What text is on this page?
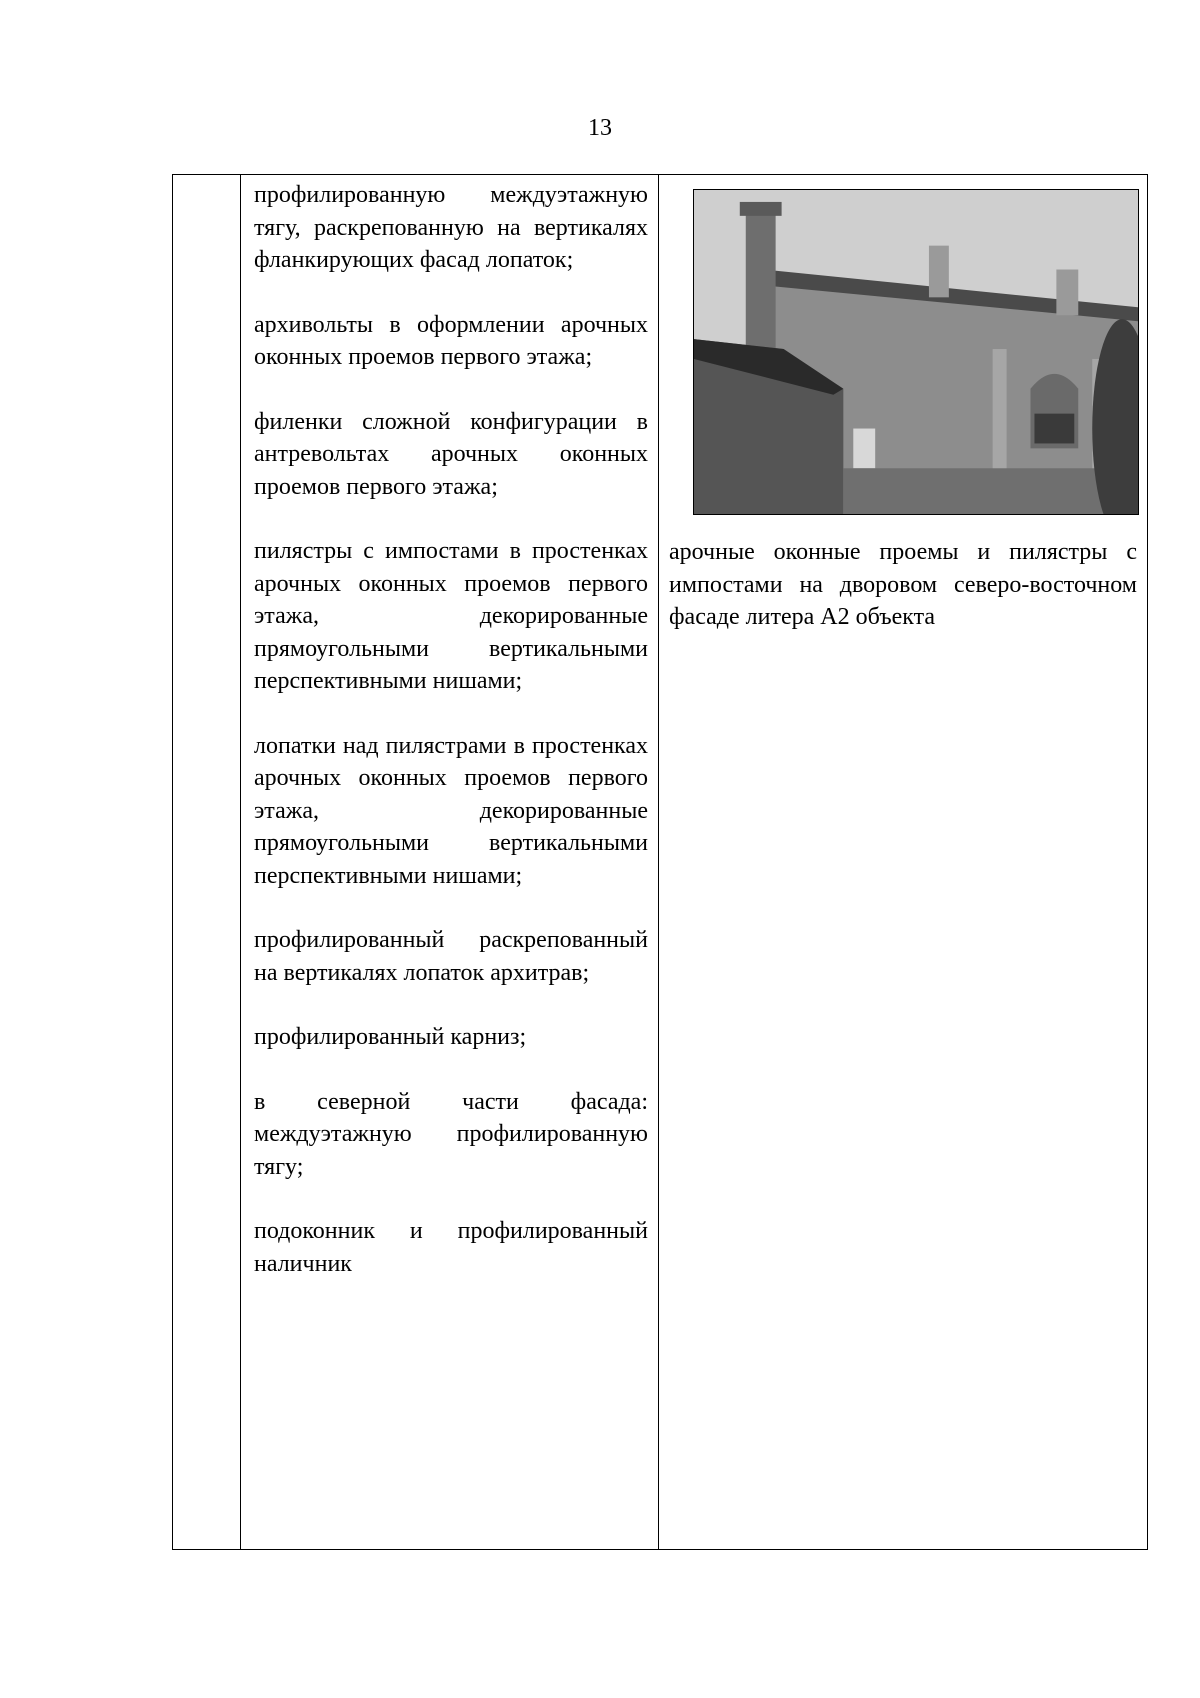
13

профилированную междуэтажную тягу, раскрепованную на вертикалях фланкирующих фасад лопаток;

архивольты в оформлении арочных оконных проемов первого этажа;

филенки сложной конфигурации в антревольтах арочных оконных проемов первого этажа;

пилястры с импостами в простенках арочных оконных проемов первого этажа, декорированные прямоугольными вертикальными перспективными нишами;

лопатки над пилястрами в простенках арочных оконных проемов первого этажа, декорированные прямоугольными вертикальными перспективными нишами;

профилированный раскрепованный на вертикалях лопаток архитрав;

профилированный карниз;

в северной части фасада: междуэтажную профилированную тягу;

подоконник и профилированный наличник

арочные оконные проемы и пилястры с импостами на дворовом северо-восточном фасаде литера А2 объекта
